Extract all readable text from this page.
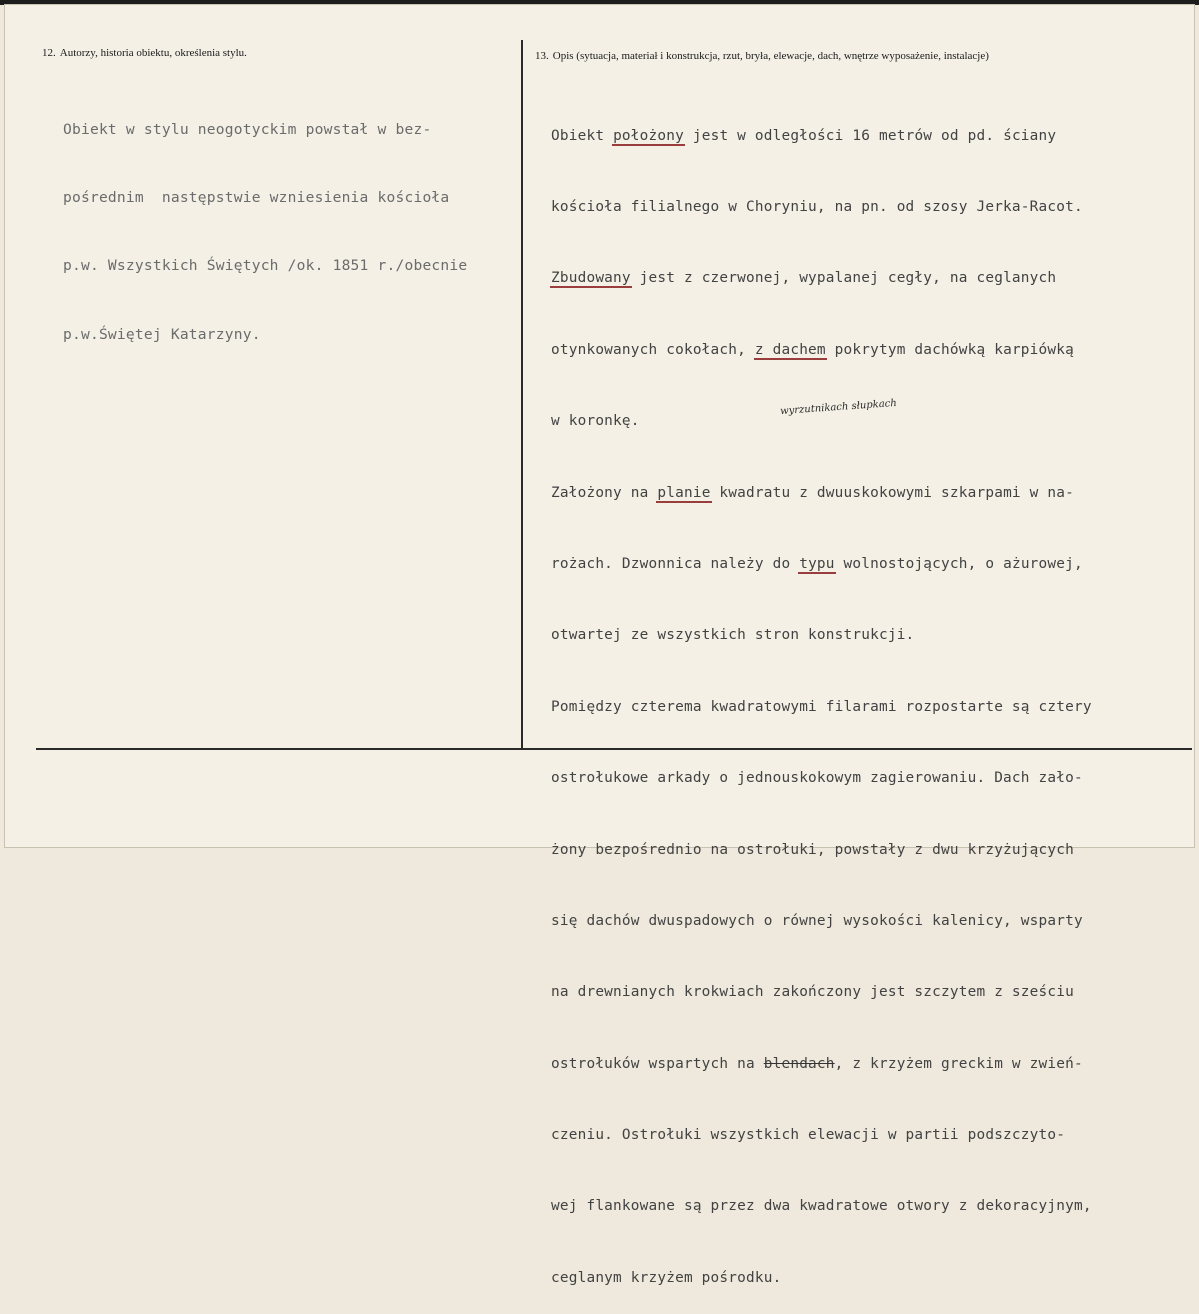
12. Autorzy, historia obiektu, określenia stylu.	13. Opis (sytuacja, materiał i konstrukcja, rzut, bryła, elewacje, dach, wnętrze wyposażenie, instalacje)

Obiekt w stylu neogotyckim powstał w bez-

pośrednim  następstwie wzniesienia kościoła

p.w. Wszystkich Świętych /ok. 1851 r./obecnie

p.w.Świętej Katarzyny.

Obiekt położony jest w odległości 16 metrów od pd. ściany

kościoła filialnego w Choryniu, na pn. od szosy Jerka-Racot.

Zbudowany jest z czerwonej, wypalanej cegły, na ceglanych

otynkowanych cokołach, z dachem pokrytym dachówką karpiówką

w koronkę.

Założony na planie kwadratu z dwuuskokowymi szkarpami w na-

rożach. Dzwonnica należy do typu wolnostojących, o ażurowej,

otwartej ze wszystkich stron konstrukcji.

Pomiędzy czterema kwadratowymi filarami rozpostarte są cztery

ostrołukowe arkady o jednouskokowym zagierowaniu. Dach zało-

żony bezpośrednio na ostrołuki, powstały z dwu krzyżujących

się dachów dwuspadowych o równej wysokości kalenicy, wsparty

na drewnianych krokwiach zakończony jest szczytem z sześciu

ostrołuków wspartych na blendach, z krzyżem greckim w zwień-

czeniu. Ostrołuki wszystkich elewacji w partii podszczyto-

wej flankowane są przez dwa kwadratowe otwory z dekoracyjnym,

ceglanym krzyżem pośrodku.

wyrzutnikach słupkach
